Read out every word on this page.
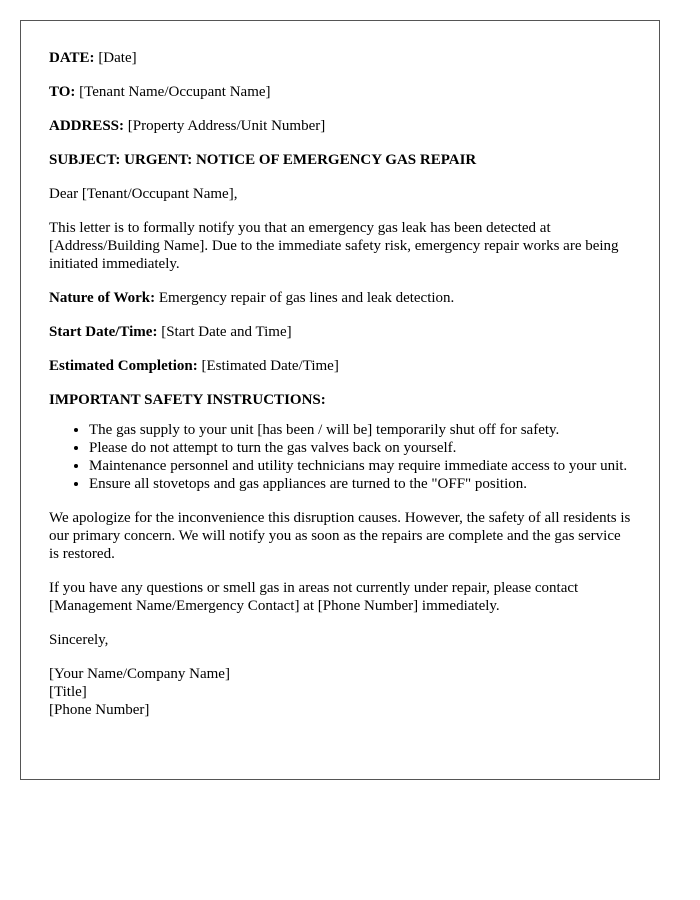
DATE: [Date]

TO: [Tenant Name/Occupant Name]

ADDRESS: [Property Address/Unit Number]

SUBJECT: URGENT: NOTICE OF EMERGENCY GAS REPAIR

Dear [Tenant/Occupant Name],

This letter is to formally notify you that an emergency gas leak has been detected at [Address/Building Name]. Due to the immediate safety risk, emergency repair works are being initiated immediately.

Nature of Work: Emergency repair of gas lines and leak detection.

Start Date/Time: [Start Date and Time]

Estimated Completion: [Estimated Date/Time]

IMPORTANT SAFETY INSTRUCTIONS:

• The gas supply to your unit [has been / will be] temporarily shut off for safety.
• Please do not attempt to turn the gas valves back on yourself.
• Maintenance personnel and utility technicians may require immediate access to your unit.
• Ensure all stovetops and gas appliances are turned to the "OFF" position.

We apologize for the inconvenience this disruption causes. However, the safety of all residents is our primary concern. We will notify you as soon as the repairs are complete and the gas service is restored.

If you have any questions or smell gas in areas not currently under repair, please contact [Management Name/Emergency Contact] at [Phone Number] immediately.

Sincerely,

[Your Name/Company Name]

[Title]

[Phone Number]
